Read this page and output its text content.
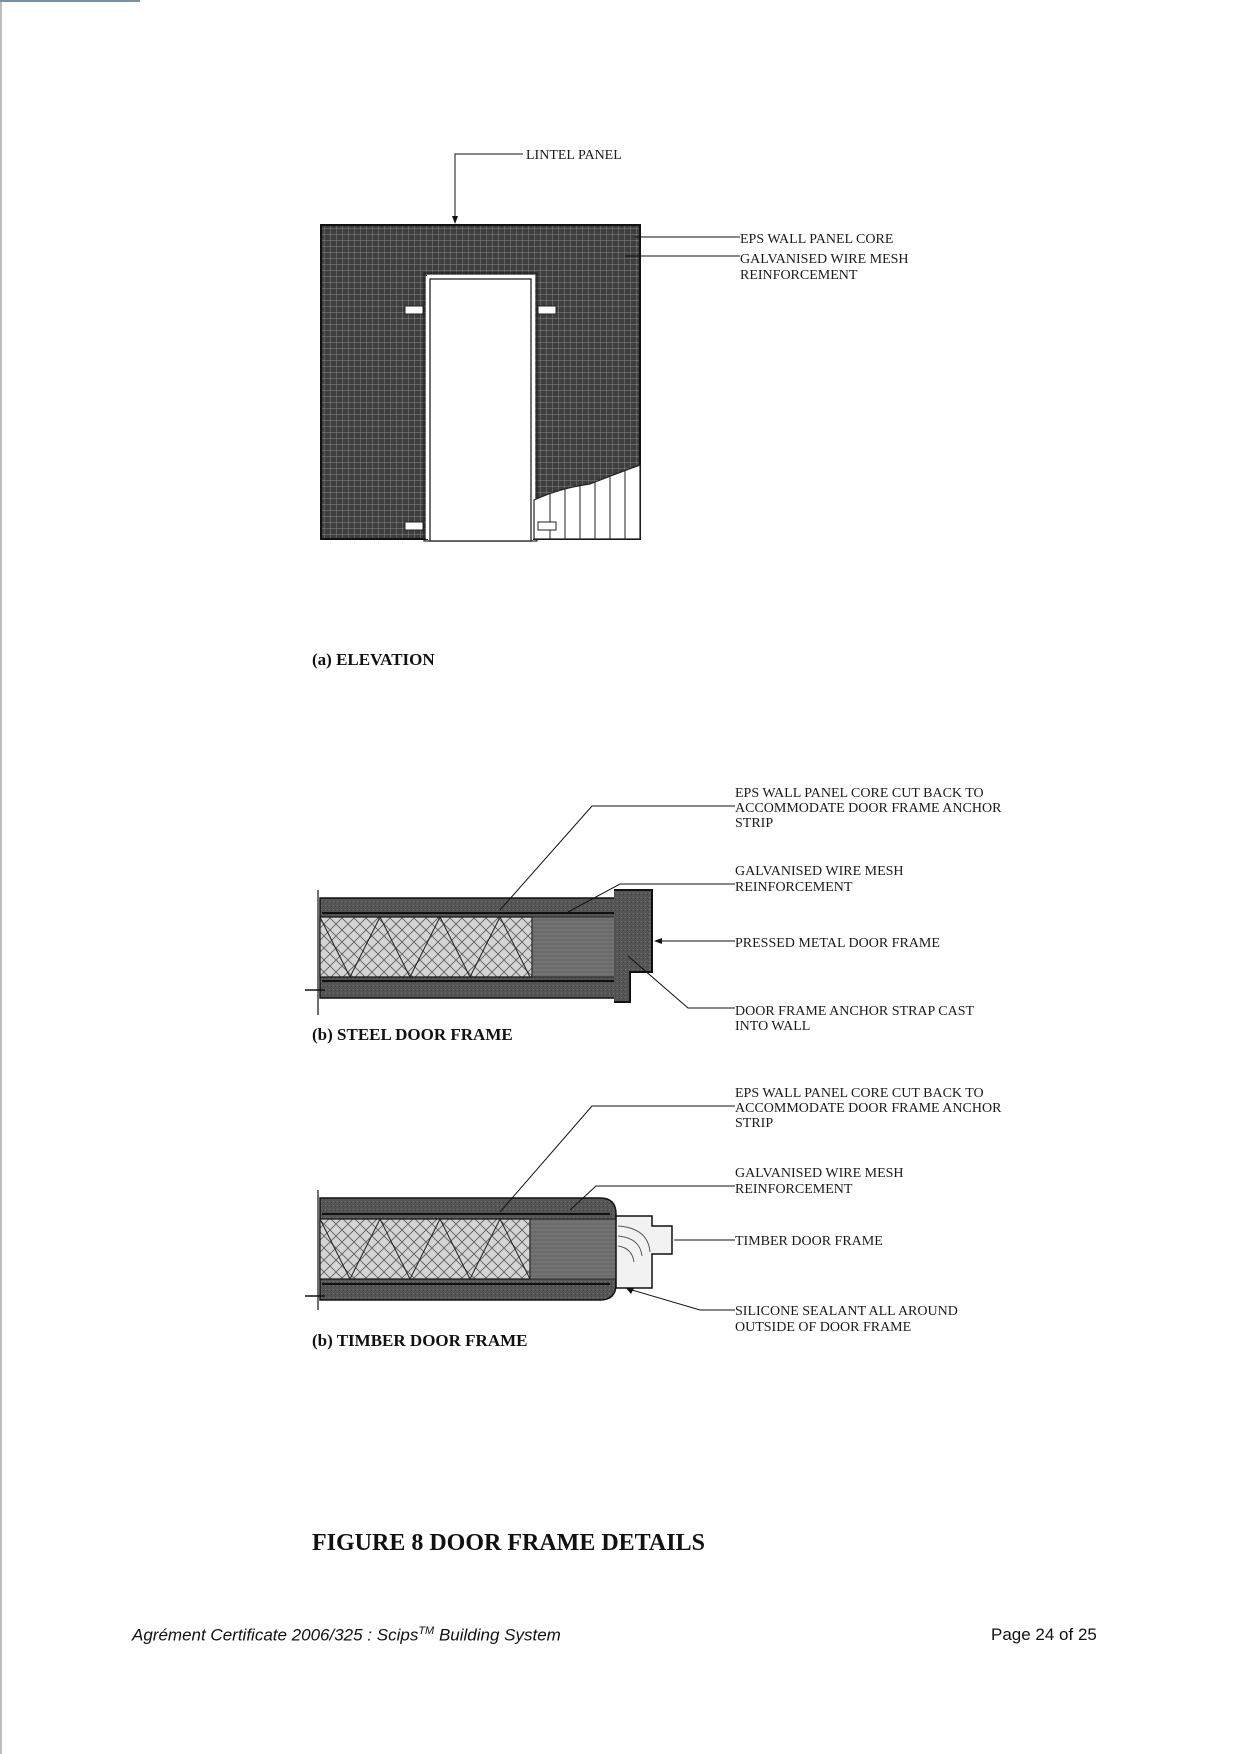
LINTEL PANEL
EPS WALL PANEL CORE
GALVANISED WIRE MESH
REINFORCEMENT
(a) ELEVATION
EPS WALL PANEL CORE CUT BACK TO
ACCOMMODATE DOOR FRAME ANCHOR
STRIP
GALVANISED WIRE MESH
REINFORCEMENT
PRESSED METAL DOOR FRAME
DOOR FRAME ANCHOR STRAP CAST
INTO WALL
(b) STEEL DOOR FRAME
EPS WALL PANEL CORE CUT BACK TO
ACCOMMODATE DOOR FRAME ANCHOR
STRIP
GALVANISED WIRE MESH
REINFORCEMENT
TIMBER DOOR FRAME
SILICONE SEALANT ALL AROUND
OUTSIDE OF DOOR FRAME
(b) TIMBER DOOR FRAME
FIGURE 8 DOOR FRAME DETAILS
Agrément Certificate 2006/325 : Scips™ Building System	Page 24 of 25
